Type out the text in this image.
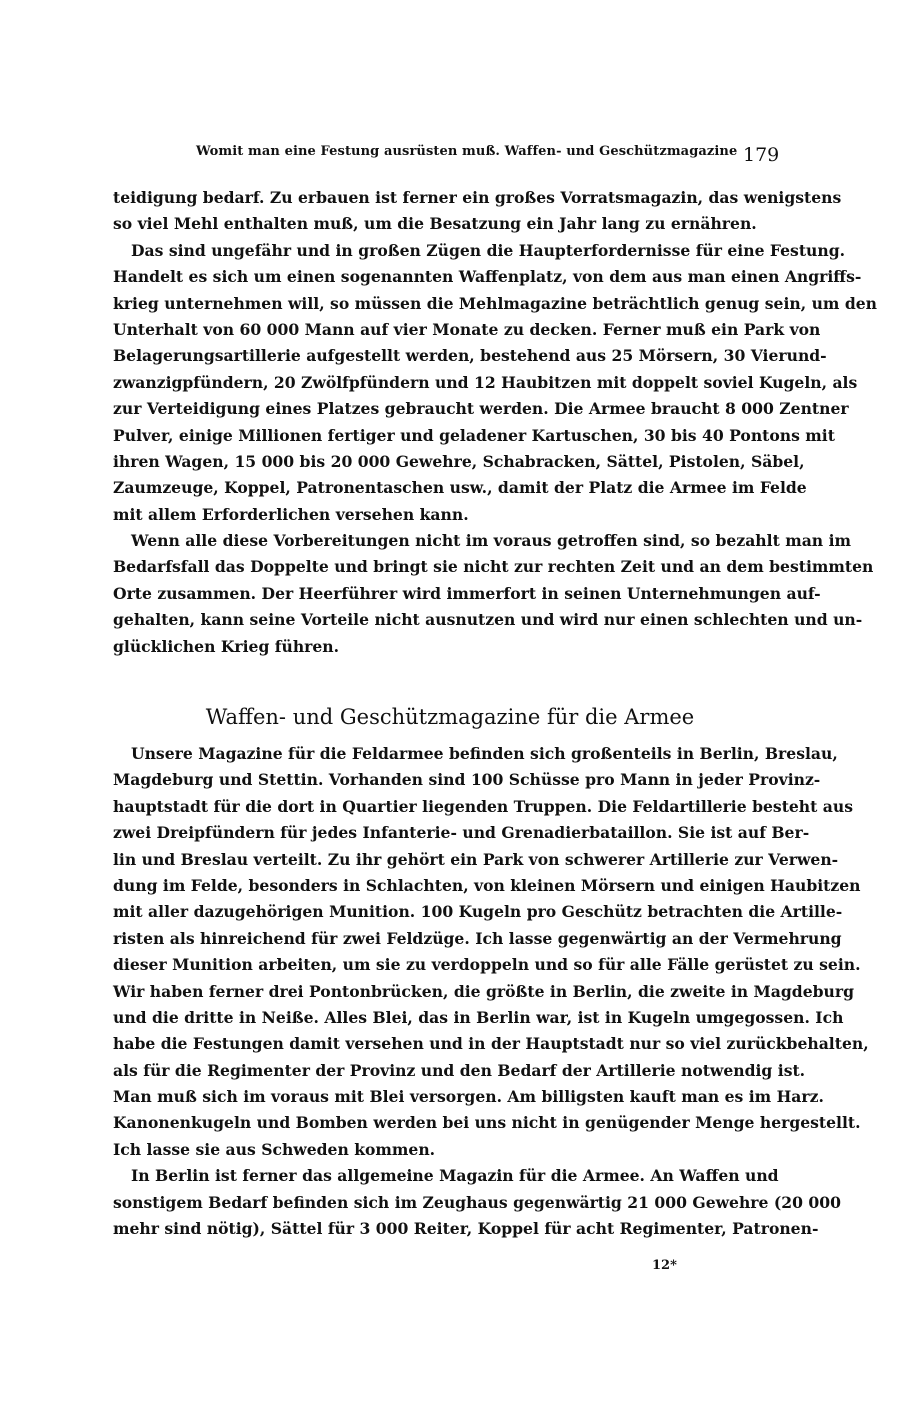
Womit man eine Festung ausrüsten muß. Waffen- und Geschützmagazine 179
teidigung bedarf. Zu erbauen ist ferner ein großes Vorratsmagazin, das wenigstens
so viel Mehl enthalten muß, um die Besatzung ein Jahr lang zu ernähren.
Das sind ungefähr und in großen Zügen die Haupterfordernisse für eine Festung.
Handelt es sich um einen sogenannten Waffenplatz, von dem aus man einen Angriffs-
krieg unternehmen will, so müssen die Mehlmagazine beträchtlich genug sein, um den
Unterhalt von 60 000 Mann auf vier Monate zu decken. Ferner muß ein Park von
Belagerungsartillerie aufgestellt werden, bestehend aus 25 Mörsern, 30 Vierund-
zwanzigpfündern, 20 Zwölfpfündern und 12 Haubitzen mit doppelt soviel Kugeln, als
zur Verteidigung eines Platzes gebraucht werden. Die Armee braucht 8 000 Zentner
Pulver, einige Millionen fertiger und geladener Kartuschen, 30 bis 40 Pontons mit
ihren Wagen, 15 000 bis 20 000 Gewehre, Schabracken, Sättel, Pistolen, Säbel,
Zaumzeuge, Koppel, Patronentaschen usw., damit der Platz die Armee im Felde
mit allem Erforderlichen versehen kann.
Wenn alle diese Vorbereitungen nicht im voraus getroffen sind, so bezahlt man im
Bedarfsfall das Doppelte und bringt sie nicht zur rechten Zeit und an dem bestimmten
Orte zusammen. Der Heerführer wird immerfort in seinen Unternehmungen auf-
gehalten, kann seine Vorteile nicht ausnutzen und wird nur einen schlechten und un-
glücklichen Krieg führen.
Waffen- und Geschützmagazine für die Armee
Unsere Magazine für die Feldarmee befinden sich großenteils in Berlin, Breslau,
Magdeburg und Stettin. Vorhanden sind 100 Schüsse pro Mann in jeder Provinz-
hauptstadt für die dort in Quartier liegenden Truppen. Die Feldartillerie besteht aus
zwei Dreipfündern für jedes Infanterie- und Grenadierbataillon. Sie ist auf Ber-
lin und Breslau verteilt. Zu ihr gehört ein Park von schwerer Artillerie zur Verwen-
dung im Felde, besonders in Schlachten, von kleinen Mörsern und einigen Haubitzen
mit aller dazugehörigen Munition. 100 Kugeln pro Geschütz betrachten die Artille-
risten als hinreichend für zwei Feldzüge. Ich lasse gegenwärtig an der Vermehrung
dieser Munition arbeiten, um sie zu verdoppeln und so für alle Fälle gerüstet zu sein.
Wir haben ferner drei Pontonbrücken, die größte in Berlin, die zweite in Magdeburg
und die dritte in Neiße. Alles Blei, das in Berlin war, ist in Kugeln umgegossen. Ich
habe die Festungen damit versehen und in der Hauptstadt nur so viel zurückbehalten,
als für die Regimenter der Provinz und den Bedarf der Artillerie notwendig ist.
Man muß sich im voraus mit Blei versorgen. Am billigsten kauft man es im Harz.
Kanonenkugeln und Bomben werden bei uns nicht in genügender Menge hergestellt.
Ich lasse sie aus Schweden kommen.
In Berlin ist ferner das allgemeine Magazin für die Armee. An Waffen und
sonstigem Bedarf befinden sich im Zeughaus gegenwärtig 21 000 Gewehre (20 000
mehr sind nötig), Sättel für 3 000 Reiter, Koppel für acht Regimenter, Patronen-
12*
